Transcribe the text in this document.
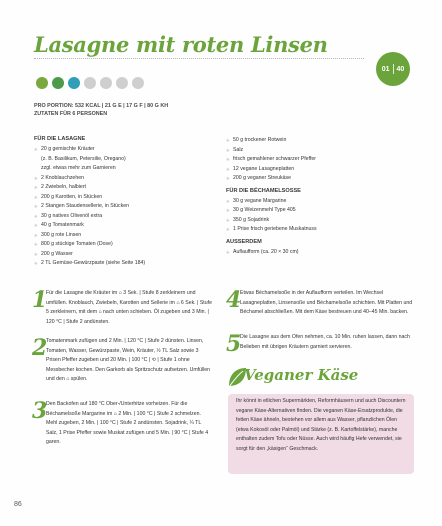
Lasagne mit roten Linsen
01 40
PRO PORTION: 532 KCAL | 21 G E | 17 G F | 80 G KH
ZUTATEN FÜR 6 PERSONEN
FÜR DIE LASAGNE
✳ 20 g gemischte Kräuter
(z. B. Basilikum, Petersilie, Oregano)
zzgl. etwas mehr zum Garnieren
✳ 2 Knoblauchzehen
✳ 2 Zwiebeln, halbiert
✳ 200 g Karotten, in Stücken
✳ 2 Stangen Staudensellerie, in Stücken
✳ 30 g natives Olivenöl extra
✳ 40 g Tomatenmark
✳ 300 g rote Linsen
✳ 800 g stückige Tomaten (Dose)
✳ 200 g Wasser
✳ 2 TL Gemüse-Gewürzpaste (siehe Seite 184)
✳ 50 g trockener Rotwein
✳ Salz
✳ frisch gemahlener schwarzer Pfeffer
✳ 12 vegane Lasagneplatten
✳ 200 g veganer Streukäse
FÜR DIE BÉCHAMELSOSSE
✳ 30 g vegane Margarine
✳ 30 g Weizenmehl Type 405
✳ 350 g Sojadrink
✳ 1 Prise frisch geriebene Muskatnuss
AUSSERDEM
✳ Auflaufform (ca. 20 × 30 cm)
1
Für die Lasagne die Kräuter im ⌂ 3 Sek. | Stufe 8 zerkleinern und umfüllen. Knoblauch, Zwiebeln, Karotten und Sellerie im ⌂ 6 Sek. | Stufe 5 zerkleinern, mit dem ⌂ nach unten schieben. Öl zugeben und 3 Min. | 120 °C | Stufe 2 andünsten.
2
Tomatenmark zufügen und 2 Min. | 120 °C | Stufe 2 dünsten. Linsen, Tomaten, Wasser, Gewürzpaste, Wein, Kräuter, ½ TL Salz sowie 3 Prisen Pfeffer zugeben und 20 Min. | 100 °C | ⟲ | Stufe 1 ohne Messbecher kochen. Den Garkorb als Spritzschutz aufsetzen. Umfüllen und den ⌂ spülen.
3
Den Backofen auf 180 °C Ober-/Unterhitze vorheizen. Für die Béchamelsoße Margarine im ⌂ 2 Min. | 100 °C | Stufe 2 schmelzen. Mehl zugeben, 2 Min. | 100 °C | Stufe 2 andünsten. Sojadrink, ¼ TL Salz, 1 Prise Pfeffer sowie Muskat zufügen und 5 Min. | 90 °C | Stufe 4 garen.
4
Etwas Béchamelsoße in der Auflaufform verteilen. Im Wechsel Lasagneplatten, Linsensoße und Béchamelsoße schichten. Mit Platten und Béchamel abschließen. Mit dem Käse bestreuen und 40–45 Min. backen.
5
Die Lasagne aus dem Ofen nehmen, ca. 10 Min. ruhen lassen, dann nach Belieben mit übrigen Kräutern garniert servieren.
Veganer Käse
Ihr könnt in etlichen Supermärkten, Reformhäusern und auch Discountern vegane Käse-Alternativen finden. Die veganen Käse-Ersatzprodukte, die fetten Käse ähneln, bestehen vor allem aus Wasser, pflanzlichen Ölen (etwa Kokosöl oder Palmöl) und Stärke (z. B. Kartoffelstärke), manche enthalten zudem Tofu oder Nüsse. Auch wird häufig Hefe verwendet, sie sorgt für den „käsigen“ Geschmack.
86
